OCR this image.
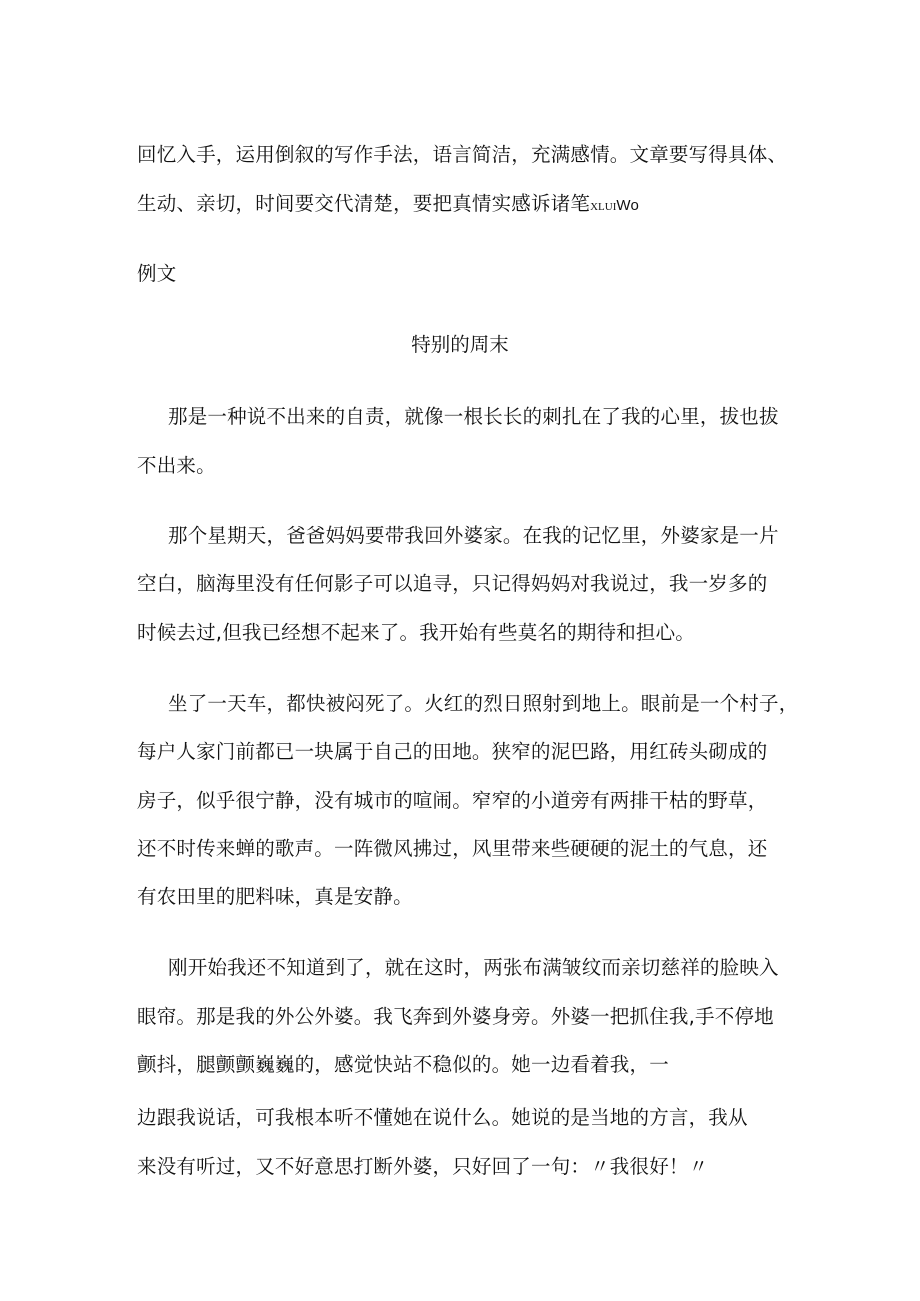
回忆入手，运用倒叙的写作手法，语言简洁，充满感情。文章要写得具体、
生动、亲切，时间要交代清楚，要把真情实感诉诸笔XLUIWo
例文
特别的周末
那是一种说不出来的自责，就像一根长长的刺扎在了我的心里，拔也拔
不出来。
那个星期天，爸爸妈妈要带我回外婆家。在我的记忆里，外婆家是一片
空白，脑海里没有任何影子可以追寻，只记得妈妈对我说过，我一岁多的
时候去过,但我已经想不起来了。我开始有些莫名的期待和担心。
坐了一天车，都快被闷死了。火红的烈日照射到地上。眼前是一个村子，
每户人家门前都已一块属于自己的田地。狭窄的泥巴路，用红砖头砌成的
房子，似乎很宁静，没有城市的喧闹。窄窄的小道旁有两排干枯的野草，
还不时传来蝉的歌声。一阵微风拂过，风里带来些硬硬的泥土的气息，还
有农田里的肥料味，真是安静。
刚开始我还不知道到了，就在这时，两张布满皱纹而亲切慈祥的脸映入
眼帘。那是我的外公外婆。我飞奔到外婆身旁。外婆一把抓住我,手不停地
颤抖，腿颤颤巍巍的，感觉快站不稳似的。她一边看着我，一
边跟我说话，可我根本听不懂她在说什么。她说的是当地的方言，我从
来没有听过，又不好意思打断外婆，只好回了一句：〃我很好！〃
